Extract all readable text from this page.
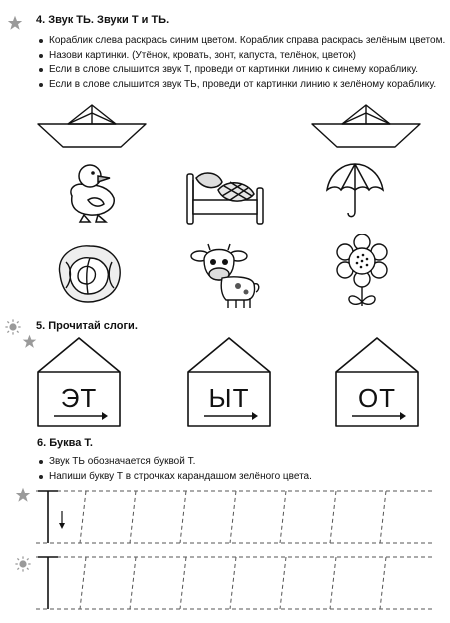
4. Звук ТЬ. Звуки Т и ТЬ.
Кораблик слева раскрась синим цветом. Кораблик справа раскрась зелёным цветом.
Назови картинки. (Утёнок, кровать, зонт, капуста, телёнок, цветок)
Если в слове слышится звук Т, проведи от картинки линию к синему кораблику.
Если в слове слышится звук ТЬ, проведи от картинки линию к зелёному кораблику.
5. Прочитай слоги.
ЭТ	ЫТ	ОТ
6. Буква Т.
Звук ТЬ обозначается буквой Т.
Напиши букву Т в строчках карандашом зелёного цвета.
